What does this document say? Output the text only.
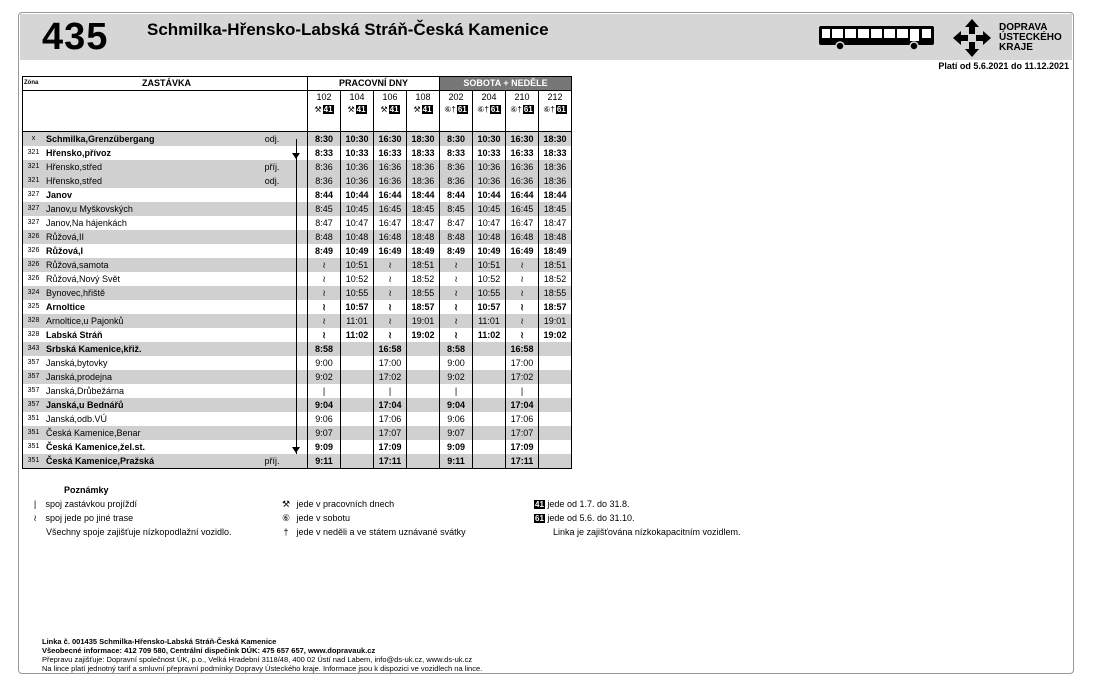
435 Schmilka-Hřensko-Labská Stráň-Česká Kamenice	DOPRAVA
ÚSTECKÉHO
KRAJE
Platí od 5.6.2021 do 11.12.2021
Zóna	ZASTÁVKA			PRACOVNÍ DNY				SOBOTA + NEDĚLE			
				102	104	106	108	202	204	210	212
				⚒ 41	⚒ 41	⚒ 41	⚒ 41	⑥† 61	⑥† 61	⑥† 61	⑥† 61

x	Schmilka,Grenzübergang	odj.		8:30	10:30	16:30	18:30	8:30	10:30	16:30	18:30
321	Hřensko,přívoz			8:33	10:33	16:33	18:33	8:33	10:33	16:33	18:33
321	Hřensko,střed	příj.		8:36	10:36	16:36	18:36	8:36	10:36	16:36	18:36
321	Hřensko,střed	odj.		8:36	10:36	16:36	18:36	8:36	10:36	16:36	18:36
327	Janov			8:44	10:44	16:44	18:44	8:44	10:44	16:44	18:44
327	Janov,u Myškovských			8:45	10:45	16:45	18:45	8:45	10:45	16:45	18:45
327	Janov,Na hájenkách			8:47	10:47	16:47	18:47	8:47	10:47	16:47	18:47
326	Růžová,II			8:48	10:48	16:48	18:48	8:48	10:48	16:48	18:48
326	Růžová,I			8:49	10:49	16:49	18:49	8:49	10:49	16:49	18:49
326	Růžová,samota			≀	10:51	≀	18:51	≀	10:51	≀	18:51
326	Růžová,Nový Svět			≀	10:52	≀	18:52	≀	10:52	≀	18:52
324	Bynovec,hřiště			≀	10:55	≀	18:55	≀	10:55	≀	18:55
325	Arnoltice			≀	10:57	≀	18:57	≀	10:57	≀	18:57
328	Arnoltice,u Pajonků			≀	11:01	≀	19:01	≀	11:01	≀	19:01
328	Labská Stráň			≀	11:02	≀	19:02	≀	11:02	≀	19:02
343	Srbská Kamenice,křiž.			8:58		16:58		8:58		16:58	
357	Janská,bytovky			9:00		17:00		9:00		17:00	
357	Janská,prodejna			9:02		17:02		9:02		17:02	
357	Janská,Drůbežárna			|		|		|		|	
357	Janská,u Bednářů			9:04		17:04		9:04		17:04	
351	Janská,odb.VÚ			9:06		17:06		9:06		17:06	
351	Česká Kamenice,Benar			9:07		17:07		9:07		17:07	
351	Česká Kamenice,žel.st.			9:09		17:09		9:09		17:09	
351	Česká Kamenice,Pražská	příj.		9:11		17:11		9:11		17:11	
Poznámky
| spoj zastávkou projíždí
≀ spoj jede po jiné trase
Všechny spoje zajišťuje nízkopodlažní vozidlo.
⚒ jede v pracovních dnech
⑥ jede v sobotu
† jede v neděli a ve státem uznávané svátky
41 jede od 1.7. do 31.8.
61 jede od 5.6. do 31.10.
Linka je zajišťována nízkokapacitním vozidlem.
Linka č. 001435 Schmilka-Hřensko-Labská Stráň-Česká Kamenice
Všeobecné informace: 412 709 580, Centrální dispečink DÚK: 475 657 657, www.dopravauk.cz
Přepravu zajišťuje: Dopravní společnost ÚK, p.o., Velká Hradební 3118/48, 400 02 Ústí nad Labem, info@ds-uk.cz, www.ds-uk.cz
Na lince platí jednotný tarif a smluvní přepravní podmínky Dopravy Ústeckého kraje. Informace jsou k dispozici ve vozidlech na lince.
